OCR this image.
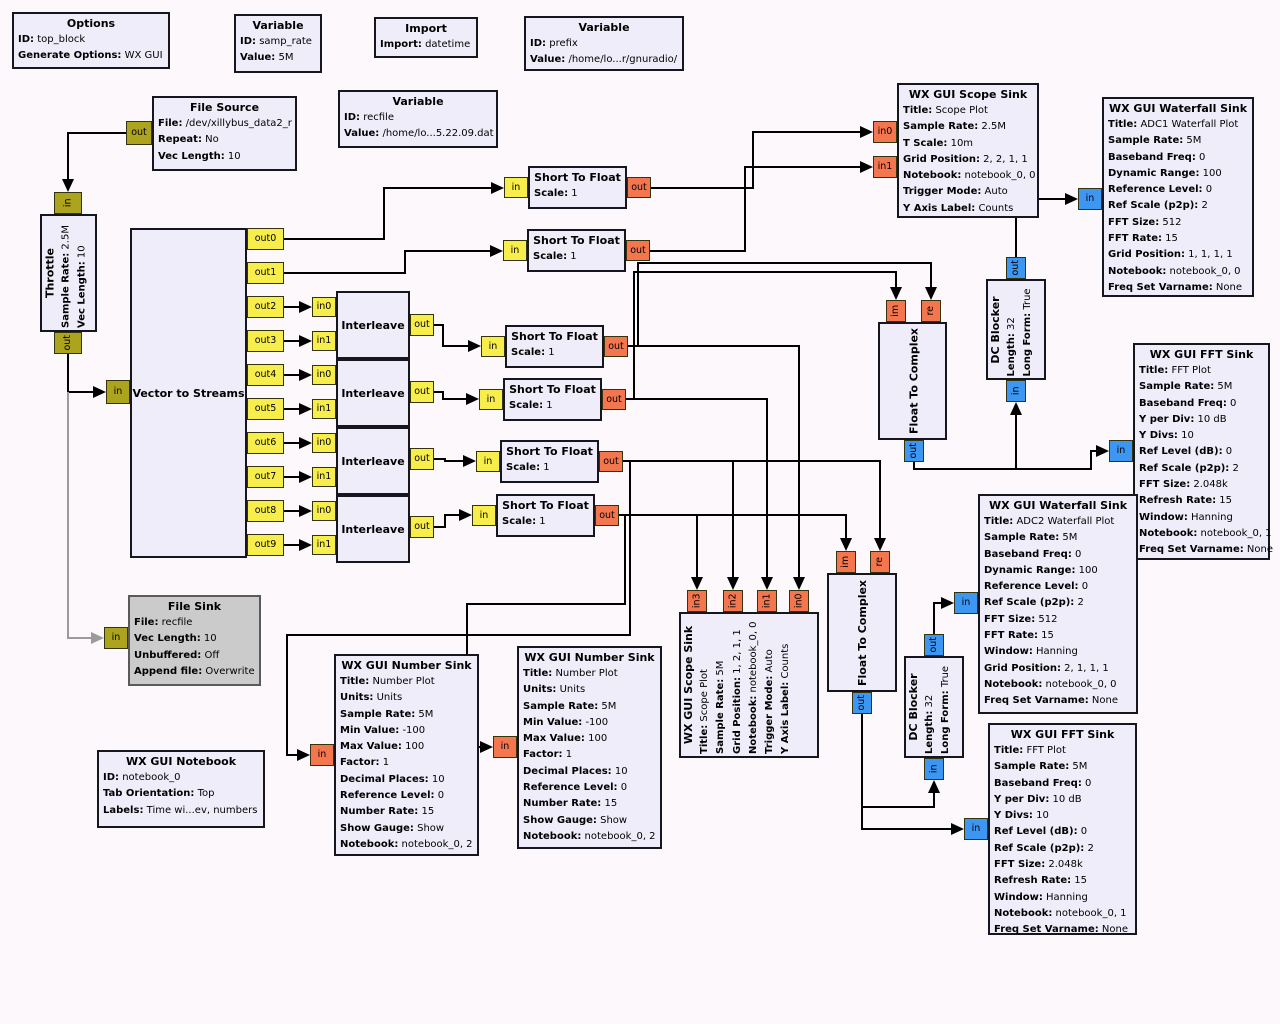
Options
ID: top_block
Generate Options: WX GUI
Variable
ID: samp_rate
Value: 5M
Import
Import: datetime
Variable
ID: prefix
Value: /home/lo...r/gnuradio/
File Source
File: /dev/xillybus_data2_r
Repeat: No
Vec Length: 10
out
Variable
ID: recfile
Value: /home/lo...5.22.09.dat
Throttle Sample Rate: 2.5M
Vec Length: 10
in
out
Vector to Streams
in
out0
out1
out2
out3
out4
out5
out6
out7
out8
out9
Interleave
in0
in1
out
Interleave
in0
in1
out
Interleave
in0
in1
out
Interleave
in0
in1
out
Short To Float
Scale: 1
in	out
Short To Float
Scale: 1
in	out
Short To Float
Scale: 1
in	out
Short To Float
Scale: 1
in	out
Short To Float
Scale: 1
in	out
Short To Float
Scale: 1
in	out
WX GUI Scope Sink
Title: Scope Plot
Sample Rate: 2.5M
T Scale: 10m
Grid Position: 2, 2, 1, 1
Notebook: notebook_0, 0
Trigger Mode: Auto
Y Axis Label: Counts
in0
in1
WX GUI Waterfall Sink
Title: ADC1 Waterfall Plot
Sample Rate: 5M
Baseband Freq: 0
Dynamic Range: 100
Reference Level: 0
Ref Scale (p2p): 2
FFT Size: 512
FFT Rate: 15
Grid Position: 1, 1, 1, 1
Notebook: notebook_0, 0
Freq Set Varname: None
in
Float To Complex
im	re
out
DC Blocker Length: 32 Long Form: True
out
in
WX GUI FFT Sink
Title: FFT Plot
Sample Rate: 5M
Baseband Freq: 0
Y per Div: 10 dB
Y Divs: 10
Ref Level (dB): 0
Ref Scale (p2p): 2
FFT Size: 2.048k
Refresh Rate: 15
Window: Hanning
Notebook: notebook_0, 1
Freq Set Varname: None
in
WX GUI Scope Sink Title: Scope Plot Sample Rate: 5M
Grid Position: 1, 2, 1, 1
Notebook: notebook_0, 0
Trigger Mode: Auto
Y Axis Label: Counts
in3	in2 in1 in0	Float To Complex
im re
out	DC Blocker Length: 32 Long Form: True
out
in
WX GUI Waterfall Sink
Title: ADC2 Waterfall Plot
Sample Rate: 5M
Baseband Freq: 0
Dynamic Range: 100
Reference Level: 0
Ref Scale (p2p): 2
FFT Size: 512
FFT Rate: 15
Window: Hanning
Grid Position: 2, 1, 1, 1
Notebook: notebook_0, 0
Freq Set Varname: None
in
WX GUI FFT Sink
Title: FFT Plot
Sample Rate: 5M
Baseband Freq: 0
Y per Div: 10 dB
Y Divs: 10
Ref Level (dB): 0
Ref Scale (p2p): 2
FFT Size: 2.048k
Refresh Rate: 15
Window: Hanning
Notebook: notebook_0, 1
Freq Set Varname: None
in
WX GUI Number Sink
Title: Number Plot
Units: Units
Sample Rate: 5M
Min Value: -100
Max Value: 100
Factor: 1
Decimal Places: 10
Reference Level: 0
Number Rate: 15
Show Gauge: Show
Notebook: notebook_0, 2
in
WX GUI Number Sink
Title: Number Plot
Units: Units
Sample Rate: 5M
Min Value: -100
Max Value: 100
Factor: 1
Decimal Places: 10
Reference Level: 0
Number Rate: 15
Show Gauge: Show
Notebook: notebook_0, 2
in
WX GUI Notebook
ID: notebook_0
Tab Orientation: Top
Labels: Time wi...ev, numbers
File Sink
File: recfile
Vec Length: 10
Unbuffered: Off
Append file: Overwrite
in
